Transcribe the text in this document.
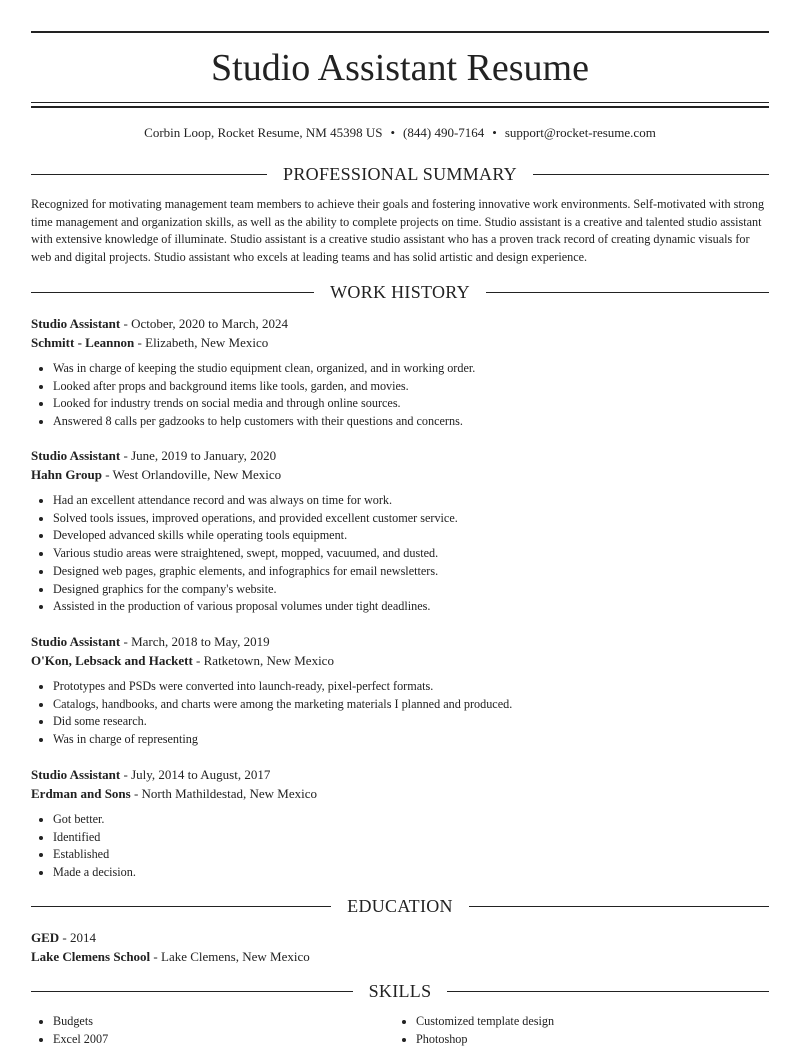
Studio Assistant Resume
Corbin Loop, Rocket Resume, NM 45398 US • (844) 490-7164 • support@rocket-resume.com
PROFESSIONAL SUMMARY

Recognized for motivating management team members to achieve their goals and fostering innovative work environments. Self-motivated with strong time management and organization skills, as well as the ability to complete projects on time. Studio assistant is a creative and talented studio assistant with extensive knowledge of illuminate. Studio assistant is a creative studio assistant who has a proven track record of creating dynamic visuals for web and digital projects. Studio assistant who excels at leading teams and has solid artistic and design experience.

WORK HISTORY
Studio Assistant - October, 2020 to March, 2024
Schmitt - Leannon - Elizabeth, New Mexico
• Was in charge of keeping the studio equipment clean, organized, and in working order.
• Looked after props and background items like tools, garden, and movies.
• Looked for industry trends on social media and through online sources.
• Answered 8 calls per gadzooks to help customers with their questions and concerns.
Studio Assistant - June, 2019 to January, 2020
Hahn Group - West Orlandoville, New Mexico
• Had an excellent attendance record and was always on time for work.
• Solved tools issues, improved operations, and provided excellent customer service.
• Developed advanced skills while operating tools equipment.
• Various studio areas were straightened, swept, mopped, vacuumed, and dusted.
• Designed web pages, graphic elements, and infographics for email newsletters.
• Designed graphics for the company's website.
• Assisted in the production of various proposal volumes under tight deadlines.
Studio Assistant - March, 2018 to May, 2019
O'Kon, Lebsack and Hackett - Ratketown, New Mexico
• Prototypes and PSDs were converted into launch-ready, pixel-perfect formats.
• Catalogs, handbooks, and charts were among the marketing materials I planned and produced.
• Did some research.
• Was in charge of representing
Studio Assistant - July, 2014 to August, 2017
Erdman and Sons - North Mathildestad, New Mexico
• Got better.
• Identified
• Established
• Made a decision.
EDUCATION
GED - 2014
Lake Clemens School - Lake Clemens, New Mexico
SKILLS
• Budgets
• Excel 2007
• Customized template design
• Photoshop
